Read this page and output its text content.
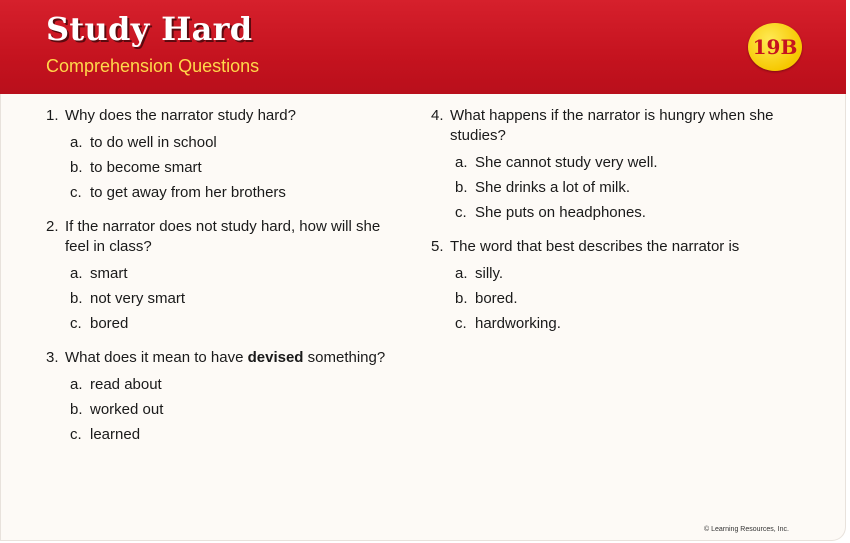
Study Hard
Comprehension Questions
19B
1. Why does the narrator study hard?
a. to do well in school
b. to become smart
c. to get away from her brothers
2. If the narrator does not study hard, how will she feel in class?
a. smart
b. not very smart
c. bored
3. What does it mean to have devised something?
a. read about
b. worked out
c. learned
4. What happens if the narrator is hungry when she studies?
a. She cannot study very well.
b. She drinks a lot of milk.
c. She puts on headphones.
5. The word that best describes the narrator is
a. silly.
b. bored.
c. hardworking.
© Learning Resources, Inc.
